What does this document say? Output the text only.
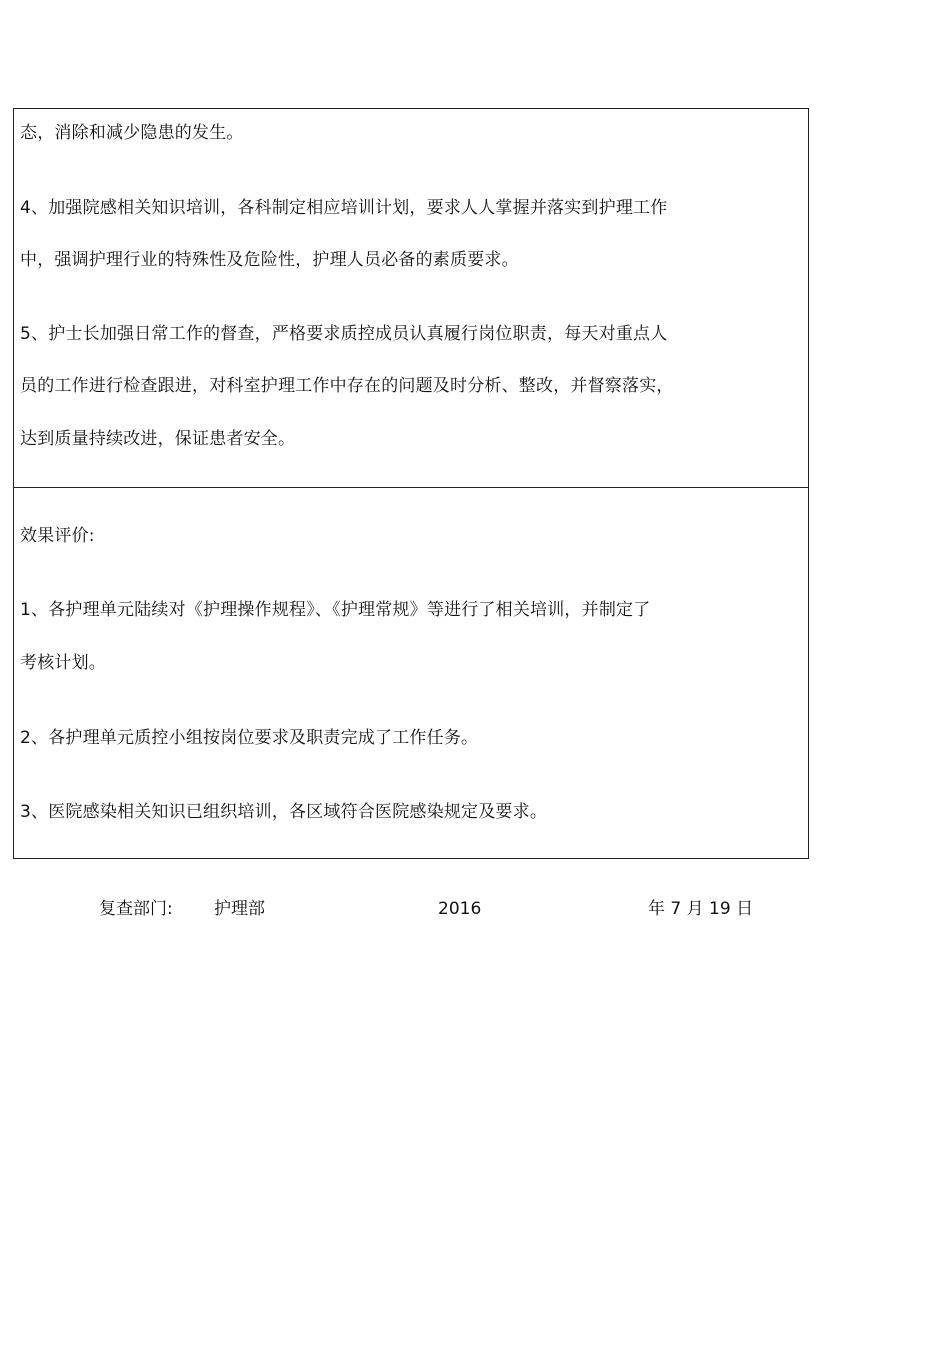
态，消除和减少隐患的发生。
4、加强院感相关知识培训，各科制定相应培训计划，要求人人掌握并落实到护理工作
中，强调护理行业的特殊性及危险性，护理人员必备的素质要求。
5、护士长加强日常工作的督查，严格要求质控成员认真履行岗位职责，每天对重点人
员的工作进行检查跟进，对科室护理工作中存在的问题及时分析、整改，并督察落实，
达到质量持续改进，保证患者安全。
效果评价:
1、各护理单元陆续对《护理操作规程》、《护理常规》等进行了相关培训，并制定了
考核计划。
2、各护理单元质控小组按岗位要求及职责完成了工作任务。
3、医院感染相关知识已组织培训，各区域符合医院感染规定及要求。
复查部门: 护理部	2016	年 7 月 19 日
